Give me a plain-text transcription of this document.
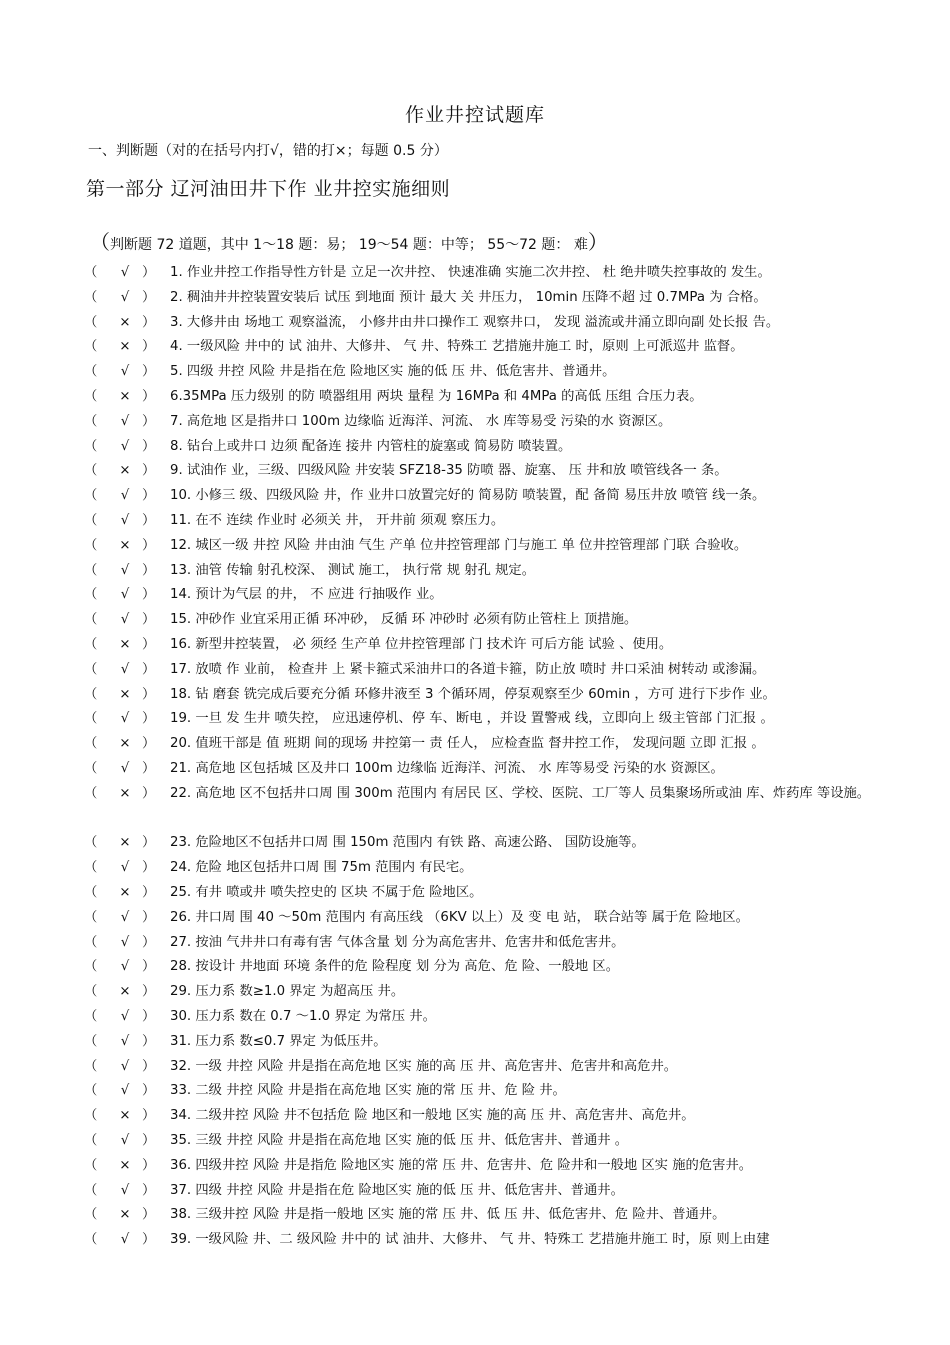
作业井控试题库
一、判断题（对的在括号内打√，错的打×；每题 0.5 分）
第一部分 辽河油田井下作 业井控实施细则
（判断题 72 道题，其中 1～18 题：易； 19～54 题：中等； 55～72 题： 难）
（ √ ） 1. 作业井控工作指导性方针是 立足一次井控、 快速准确 实施二次井控、 杜 绝井喷失控事故的 发生。
（ √ ） 2. 稠油井井控装置安装后 试压 到地面 预计 最大 关 井压力， 10min 压降不超 过 0.7MPa 为 合格。
（ × ） 3. 大修井由 场地工 观察溢流， 小修井由井口操作工 观察井口， 发现 溢流或井涌立即向副 处长报 告。
（ × ） 4. 一级风险 井中的 试 油井、大修井、 气 井、特殊工 艺措施井施工 时，原则 上可派巡井 监督。
（ √ ） 5. 四级 井控 风险 井是指在危 险地区实 施的低 压 井、低危害井、普通井。
（ × ） 6.35MPa 压力级别 的防 喷器组用 两块 量程 为 16MPa 和 4MPa 的高低 压组 合压力表。
（ √ ） 7. 高危地 区是指井口 100m 边缘临 近海洋、河流、 水 库等易受 污染的水 资源区。
（ √ ） 8. 钻台上或井口 边须 配备连 接井 内管柱的旋塞或 简易防 喷装置。
（ × ） 9. 试油作 业，三级、四级风险 井安装 SFZ18-35 防喷 器、旋塞、 压 井和放 喷管线各一 条。
（ √ ） 10. 小修三 级、四级风险 井，作 业井口放置完好的 简易防 喷装置，配 备简 易压井放 喷管 线一条。
（ √ ） 11. 在不 连续 作业时 必须关 井， 开井前 须观 察压力。
（ × ） 12. 城区一级 井控 风险 井由油 气生 产单 位井控管理部 门与施工 单 位井控管理部 门联 合验收。
（ √ ） 13. 油管 传输 射孔校深、 测试 施工， 执行常 规 射孔 规定。
（ √ ） 14. 预计为气层 的井， 不 应进 行抽吸作 业。
（ √ ） 15. 冲砂作 业宜采用正循 环冲砂， 反循 环 冲砂时 必须有防止管柱上 顶措施。
（ × ） 16. 新型井控装置， 必 须经 生产单 位井控管理部 门 技术许 可后方能 试验 、使用。
（ √ ） 17. 放喷 作 业前， 检查井 上 紧卡箍式采油井口的各道卡箍，防止放 喷时 井口采油 树转动 或渗漏。
（ × ） 18. 钻 磨套 铣完成后要充分循 环修井液至 3 个循环周，停泵观察至少 60min ，方可 进行下步作 业。
（ √ ） 19. 一旦 发 生井 喷失控， 应迅速停机、停 车、断电 ，并设 置警戒 线，立即向上 级主管部 门汇报 。
（ × ） 20. 值班干部是 值 班期 间的现场 井控第一 责 任人， 应检查监 督井控工作， 发现问题 立即 汇报 。
（ √ ） 21. 高危地 区包括城 区及井口 100m 边缘临 近海洋、河流、 水 库等易受 污染的水 资源区。
（ × ） 22. 高危地 区不包括井口周 围 300m 范围内 有居民 区、学校、医院、工厂等人 员集聚场所或油 库、炸药库 等设施。
（ × ） 23. 危险地区不包括井口周 围 150m 范围内 有铁 路、高速公路、 国防设施等。
（ √ ） 24. 危险 地区包括井口周 围 75m 范围内 有民宅。
（ × ） 25. 有井 喷或井 喷失控史的 区块 不属于危 险地区。
（ √ ） 26. 井口周 围 40 ～50m 范围内 有高压线 （6KV 以上）及 变 电 站， 联合站等 属于危 险地区。
（ √ ） 27. 按油 气井井口有毒有害 气体含量 划 分为高危害井、危害井和低危害井。
（ √ ） 28. 按设计 井地面 环境 条件的危 险程度 划 分为 高危、危 险、一般地 区。
（ × ） 29. 压力系 数≥1.0 界定 为超高压 井。
（ √ ） 30. 压力系 数在 0.7 ～1.0 界定 为常压 井。
（ √ ） 31. 压力系 数≤0.7 界定 为低压井。
（ √ ） 32. 一级 井控 风险 井是指在高危地 区实 施的高 压 井、高危害井、危害井和高危井。
（ √ ） 33. 二级 井控 风险 井是指在高危地 区实 施的常 压 井、危 险 井。
（ × ） 34. 二级井控 风险 井不包括危 险 地区和一般地 区实 施的高 压 井、高危害井、高危井。
（ √ ） 35. 三级 井控 风险 井是指在高危地 区实 施的低 压 井、低危害井、普通井 。
（ × ） 36. 四级井控 风险 井是指危 险地区实 施的常 压 井、危害井、危 险井和一般地 区实 施的危害井。
（ √ ） 37. 四级 井控 风险 井是指在危 险地区实 施的低 压 井、低危害井、普通井。
（ × ） 38. 三级井控 风险 井是指一般地 区实 施的常 压 井、低 压 井、低危害井、危 险井、普通井。
（ √ ） 39. 一级风险 井、二 级风险 井中的 试 油井、大修井、 气 井、特殊工 艺措施井施工 时，原 则上由建
